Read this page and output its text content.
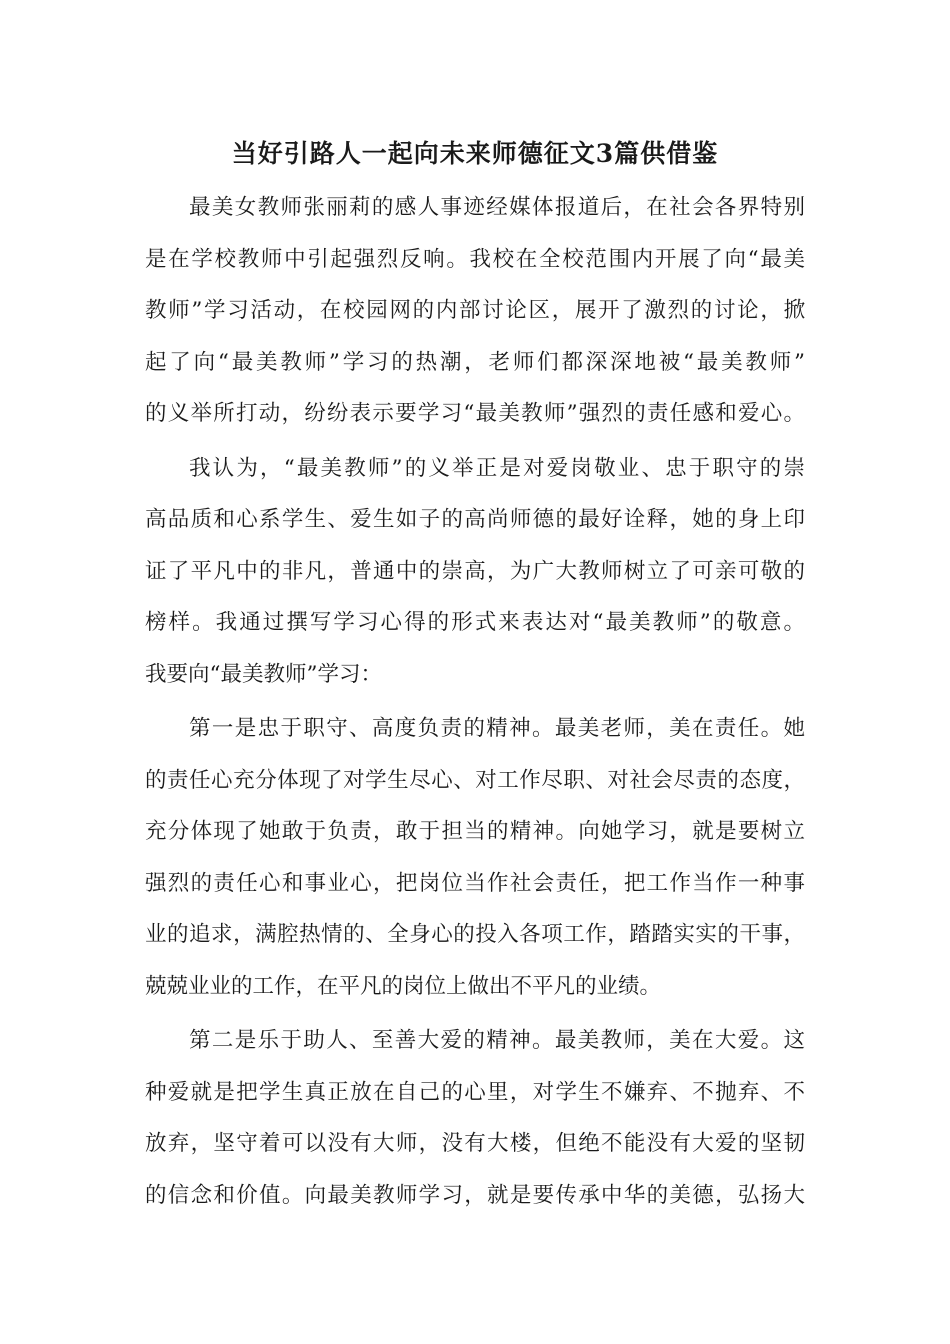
当好引路人一起向未来师德征文3篇供借鉴
最美女教师张丽莉的感人事迹经媒体报道后，在社会各界特别
是在学校教师中引起强烈反响。我校在全校范围内开展了向“最美
教师”学习活动，在校园网的内部讨论区，展开了激烈的讨论，掀
起了向“最美教师”学习的热潮，老师们都深深地被“最美教师”
的义举所打动，纷纷表示要学习“最美教师”强烈的责任感和爱心。
我认为，“最美教师”的义举正是对爱岗敬业、忠于职守的崇
高品质和心系学生、爱生如子的高尚师德的最好诠释，她的身上印
证了平凡中的非凡，普通中的崇高，为广大教师树立了可亲可敬的
榜样。我通过撰写学习心得的形式来表达对“最美教师”的敬意。
我要向“最美教师”学习：
第一是忠于职守、高度负责的精神。最美老师，美在责任。她
的责任心充分体现了对学生尽心、对工作尽职、对社会尽责的态度，
充分体现了她敢于负责，敢于担当的精神。向她学习，就是要树立
强烈的责任心和事业心，把岗位当作社会责任，把工作当作一种事
业的追求，满腔热情的、全身心的投入各项工作，踏踏实实的干事，
兢兢业业的工作，在平凡的岗位上做出不平凡的业绩。
第二是乐于助人、至善大爱的精神。最美教师，美在大爱。这
种爱就是把学生真正放在自己的心里，对学生不嫌弃、不抛弃、不
放弃，坚守着可以没有大师，没有大楼，但绝不能没有大爱的坚韧
的信念和价值。向最美教师学习，就是要传承中华的美德，弘扬大
